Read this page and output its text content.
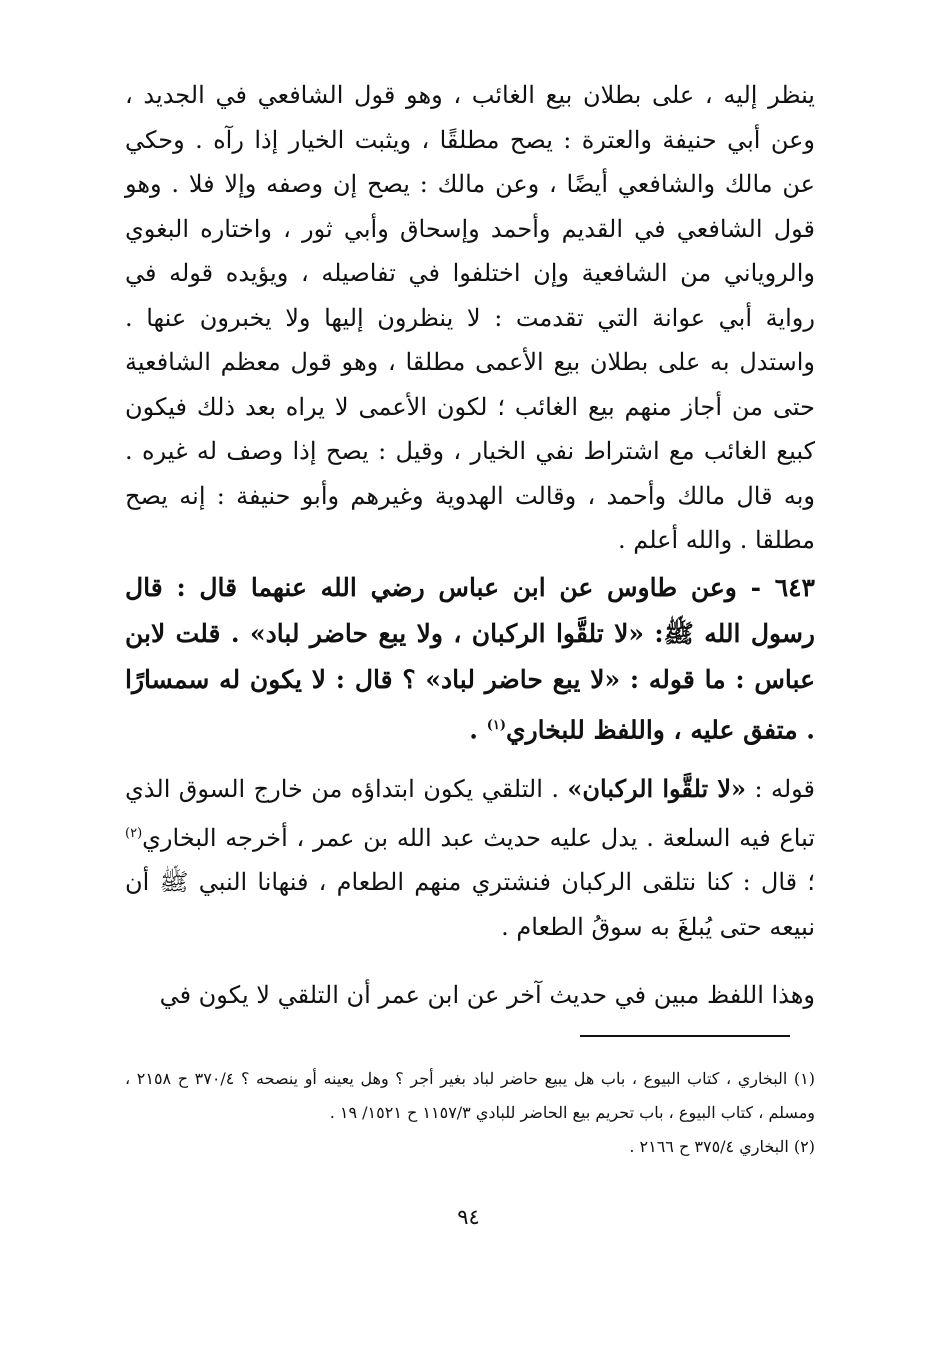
ينظر إليه ، على بطلان بيع الغائب ، وهو قول الشافعي في الجديد ، وعن أبي حنيفة والعترة : يصح مطلقًا ، ويثبت الخيار إذا رآه . وحكي عن مالك والشافعي أيضًا ، وعن مالك : يصح إن وصفه وإلا فلا . وهو قول الشافعي في القديم وأحمد وإسحاق وأبي ثور ، واختاره البغوي والروياني من الشافعية وإن اختلفوا في تفاصيله ، ويؤيده قوله في رواية أبي عوانة التي تقدمت : لا ينظرون إليها ولا يخبرون عنها . واستدل به على بطلان بيع الأعمى مطلقا ، وهو قول معظم الشافعية حتى من أجاز منهم بيع الغائب ؛ لكون الأعمى لا يراه بعد ذلك فيكون كبيع الغائب مع اشتراط نفي الخيار ، وقيل : يصح إذا وصف له غيره . وبه قال مالك وأحمد ، وقالت الهدوية وغيرهم وأبو حنيفة : إنه يصح مطلقا . والله أعلم .

٦٤٣ - وعن طاوس عن ابن عباس رضي الله عنهما قال : قال رسول الله ﷺ: «لا تلقَّوا الركبان ، ولا يبع حاضر لباد» . قلت لابن عباس : ما قوله : «لا يبع حاضر لباد» ؟ قال : لا يكون له سمسارًا . متفق عليه ، واللفظ للبخاري$^{(١)}$ .

قوله : «لا تلقَّوا الركبان» . التلقي يكون ابتداؤه من خارج السوق الذي تباع فيه السلعة . يدل عليه حديث عبد الله بن عمر ، أخرجه البخاري$^{(٢)}$ ؛ قال : كنا نتلقى الركبان فنشتري منهم الطعام ، فنهانا النبي ﷺ أن نبيعه حتى يُبلغَ به سوقُ الطعام .

وهذا اللفظ مبين في حديث آخر عن ابن عمر أن التلقي لا يكون في

(١) البخاري ، كتاب البيوع ، باب هل يبيع حاضر لباد بغير أجر ؟ وهل يعينه أو ينصحه ؟ ٣٧٠/٤ ح ٢١٥٨ ، ومسلم ، كتاب البيوع ، باب تحريم بيع الحاضر للبادي ١١٥٧/٣ ح ١٥٢١/ ١٩ .

(٢) البخاري ٣٧٥/٤ ح ٢١٦٦ .

٩٤
